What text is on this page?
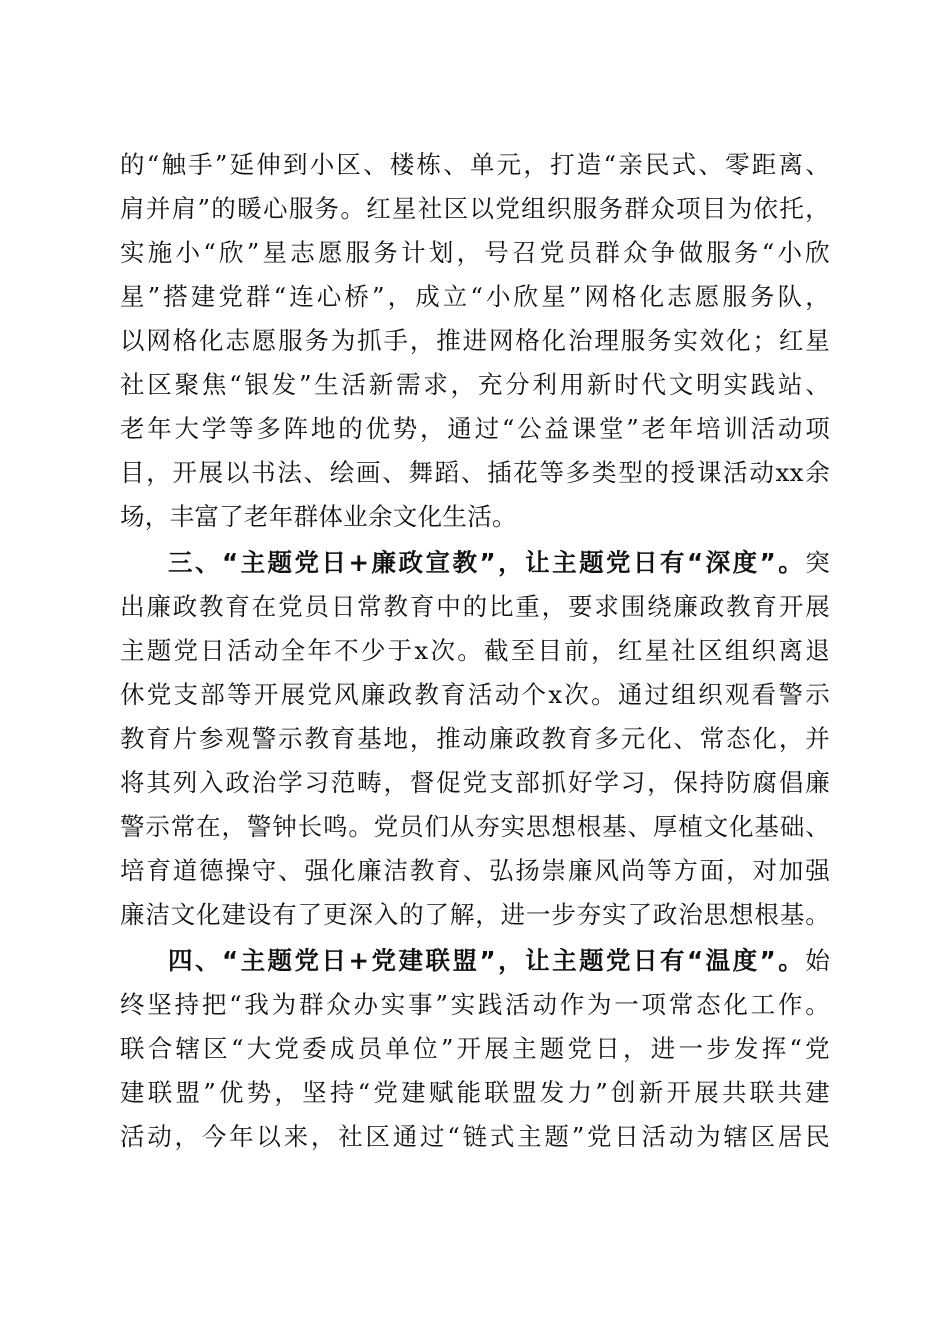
的“触手”延伸到小区、楼栋、单元，打造“亲民式、零距离、
肩并肩”的暖心服务。红星社区以党组织服务群众项目为依托，
实施小“欣”星志愿服务计划，号召党员群众争做服务“小欣
星”搭建党群“连心桥”，成立“小欣星”网格化志愿服务队，
以网格化志愿服务为抓手，推进网格化治理服务实效化；红星
社区聚焦“银发”生活新需求，充分利用新时代文明实践站、
老年大学等多阵地的优势，通过“公益课堂”老年培训活动项
目，开展以书法、绘画、舞蹈、插花等多类型的授课活动xx余
场，丰富了老年群体业余文化生活。
三、“主题党日+廉政宣教”，让主题党日有“深度”。突
出廉政教育在党员日常教育中的比重，要求围绕廉政教育开展
主题党日活动全年不少于x次。截至目前，红星社区组织离退
休党支部等开展党风廉政教育活动个x次。通过组织观看警示
教育片参观警示教育基地，推动廉政教育多元化、常态化，并
将其列入政治学习范畴，督促党支部抓好学习，保持防腐倡廉
警示常在，警钟长鸣。党员们从夯实思想根基、厚植文化基础、
培育道德操守、强化廉洁教育、弘扬崇廉风尚等方面，对加强
廉洁文化建设有了更深入的了解，进一步夯实了政治思想根基。
四、“主题党日+党建联盟”，让主题党日有“温度”。始
终坚持把“我为群众办实事”实践活动作为一项常态化工作。
联合辖区“大党委成员单位”开展主题党日，进一步发挥“党
建联盟”优势，坚持“党建赋能联盟发力”创新开展共联共建
活动，今年以来，社区通过“链式主题”党日活动为辖区居民
